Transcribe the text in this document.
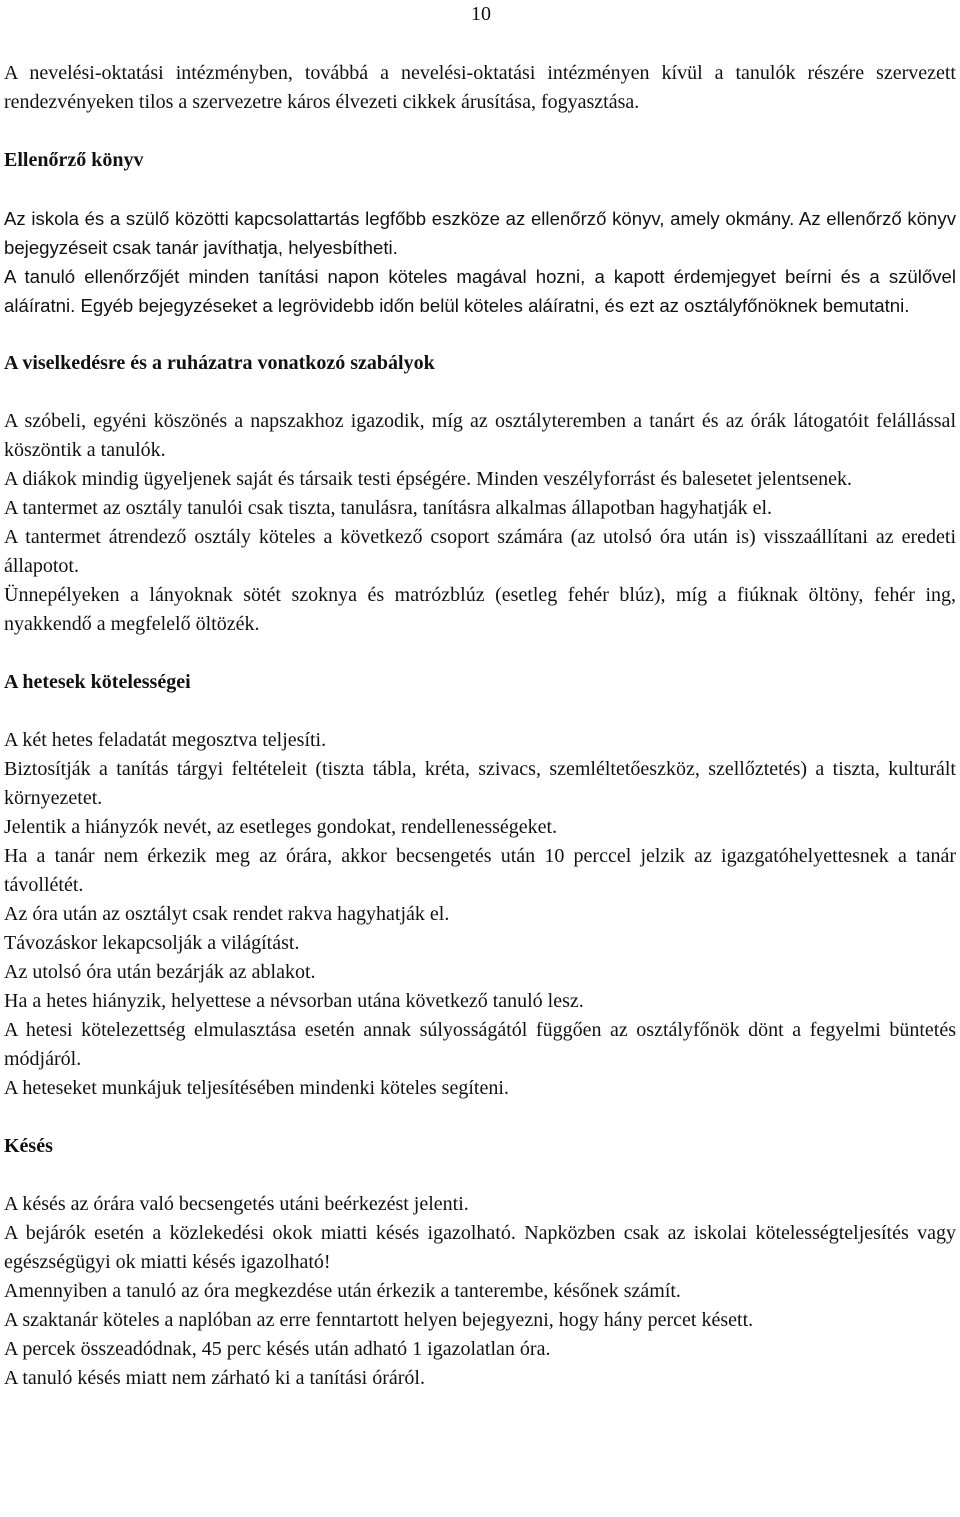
10

A nevelési-oktatási intézményben, továbbá a nevelési-oktatási intézményen kívül a tanulók részére szervezett rendezvényeken tilos a szervezetre káros élvezeti cikkek árusítása, fogyasztása.

Ellenőrző könyv

Az iskola és a szülő közötti kapcsolattartás legfőbb eszköze az ellenőrző könyv, amely okmány. Az ellenőrző könyv bejegyzéseit csak tanár javíthatja, helyesbítheti.

A tanuló ellenőrzőjét minden tanítási napon köteles magával hozni, a kapott érdemjegyet beírni és a szülővel aláíratni. Egyéb bejegyzéseket a legrövidebb időn belül köteles aláíratni, és ezt az osztályfőnöknek bemutatni.

A viselkedésre és a ruházatra vonatkozó szabályok

A szóbeli, egyéni köszönés a napszakhoz igazodik, míg az osztályteremben a tanárt és az órák látogatóit felállással köszöntik a tanulók.

A diákok mindig ügyeljenek saját és társaik testi épségére. Minden veszélyforrást és balesetet jelentsenek.

A tantermet az osztály tanulói csak tiszta, tanulásra, tanításra alkalmas állapotban hagyhatják el.

A tantermet átrendező osztály köteles a következő csoport számára (az utolsó óra után is) visszaállítani az eredeti állapotot.

Ünnepélyeken a lányoknak sötét szoknya és matrózblúz (esetleg fehér blúz), míg a fiúknak öltöny, fehér ing, nyakkendő a megfelelő öltözék.

A hetesek kötelességei

A két hetes feladatát megosztva teljesíti.

Biztosítják a tanítás tárgyi feltételeit (tiszta tábla, kréta, szivacs, szemléltetőeszköz, szellőztetés) a tiszta, kulturált környezetet.

Jelentik a hiányzók nevét, az esetleges gondokat, rendellenességeket.

Ha a tanár nem érkezik meg az órára, akkor becsengetés után 10 perccel jelzik az igazgatóhelyettesnek a tanár távollétét.

Az óra után az osztályt csak rendet rakva hagyhatják el.

Távozáskor lekapcsolják a világítást.

Az utolsó óra után bezárják az ablakot.

Ha a hetes hiányzik, helyettese a névsorban utána következő tanuló lesz.

A hetesi kötelezettség elmulasztása esetén annak súlyosságától függően az osztályfőnök dönt a fegyelmi büntetés módjáról.

A heteseket munkájuk teljesítésében mindenki köteles segíteni.

Késés

A késés az órára való becsengetés utáni beérkezést jelenti.

A bejárók esetén a közlekedési okok miatti késés igazolható. Napközben csak az iskolai kötelességteljesítés vagy egészségügyi ok miatti késés igazolható!

Amennyiben a tanuló az óra megkezdése után érkezik a tanterembe, későnek számít.

A szaktanár köteles a naplóban az erre fenntartott helyen bejegyezni, hogy hány percet késett.

A percek összeadódnak, 45 perc késés után adható 1 igazolatlan óra.

A tanuló késés miatt nem zárható ki a tanítási óráról.
